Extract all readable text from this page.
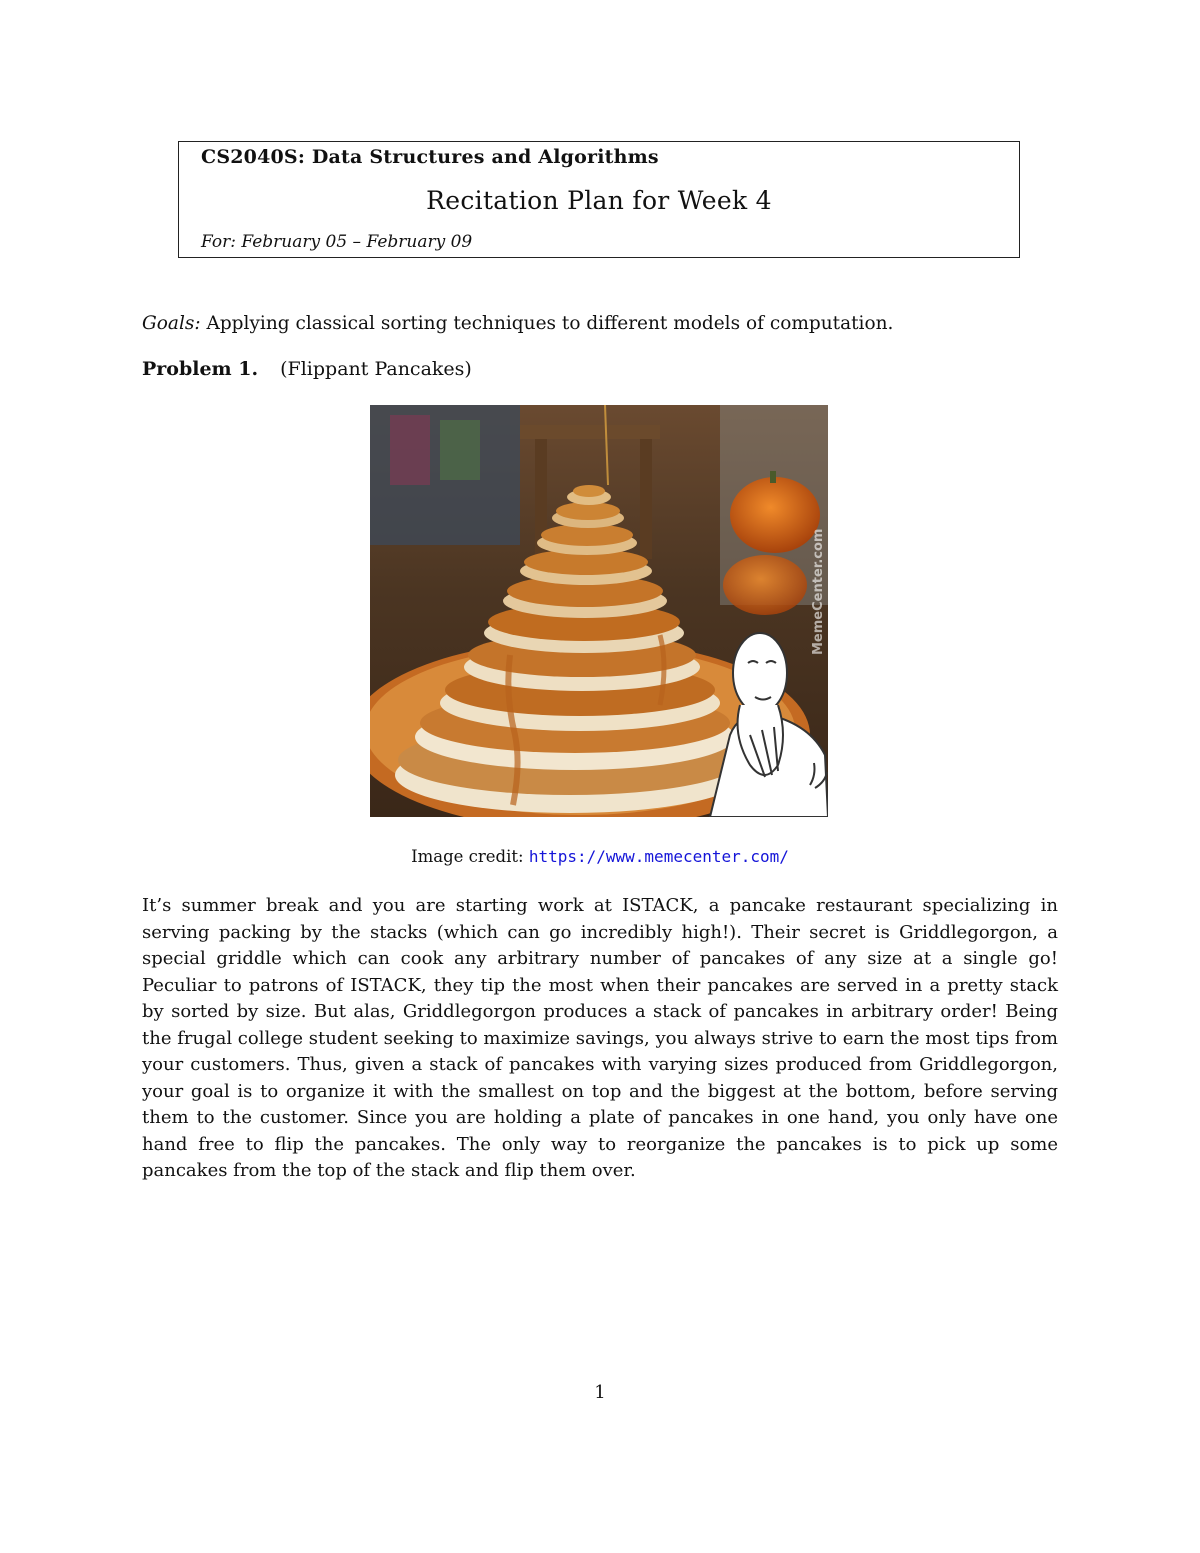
CS2040S: Data Structures and Algorithms
Recitation Plan for Week 4
For: February 05 – February 09
Goals: Applying classical sorting techniques to different models of computation.
Problem 1. (Flippant Pancakes)
MemeCenter.com
Image credit: https://www.memecenter.com/
It’s summer break and you are starting work at ISTACK, a pancake restaurant specializing in serving packing by the stacks (which can go incredibly high!). Their secret is Griddlegorgon, a special griddle which can cook any arbitrary number of pancakes of any size at a single go! Peculiar to patrons of ISTACK, they tip the most when their pancakes are served in a pretty stack by sorted by size. But alas, Griddlegorgon produces a stack of pancakes in arbitrary order! Being the frugal college student seeking to maximize savings, you always strive to earn the most tips from your customers. Thus, given a stack of pancakes with varying sizes produced from Griddlegorgon, your goal is to organize it with the smallest on top and the biggest at the bottom, before serving them to the customer. Since you are holding a plate of pancakes in one hand, you only have one hand free to flip the pancakes. The only way to reorganize the pancakes is to pick up some pancakes from the top of the stack and flip them over.
1
